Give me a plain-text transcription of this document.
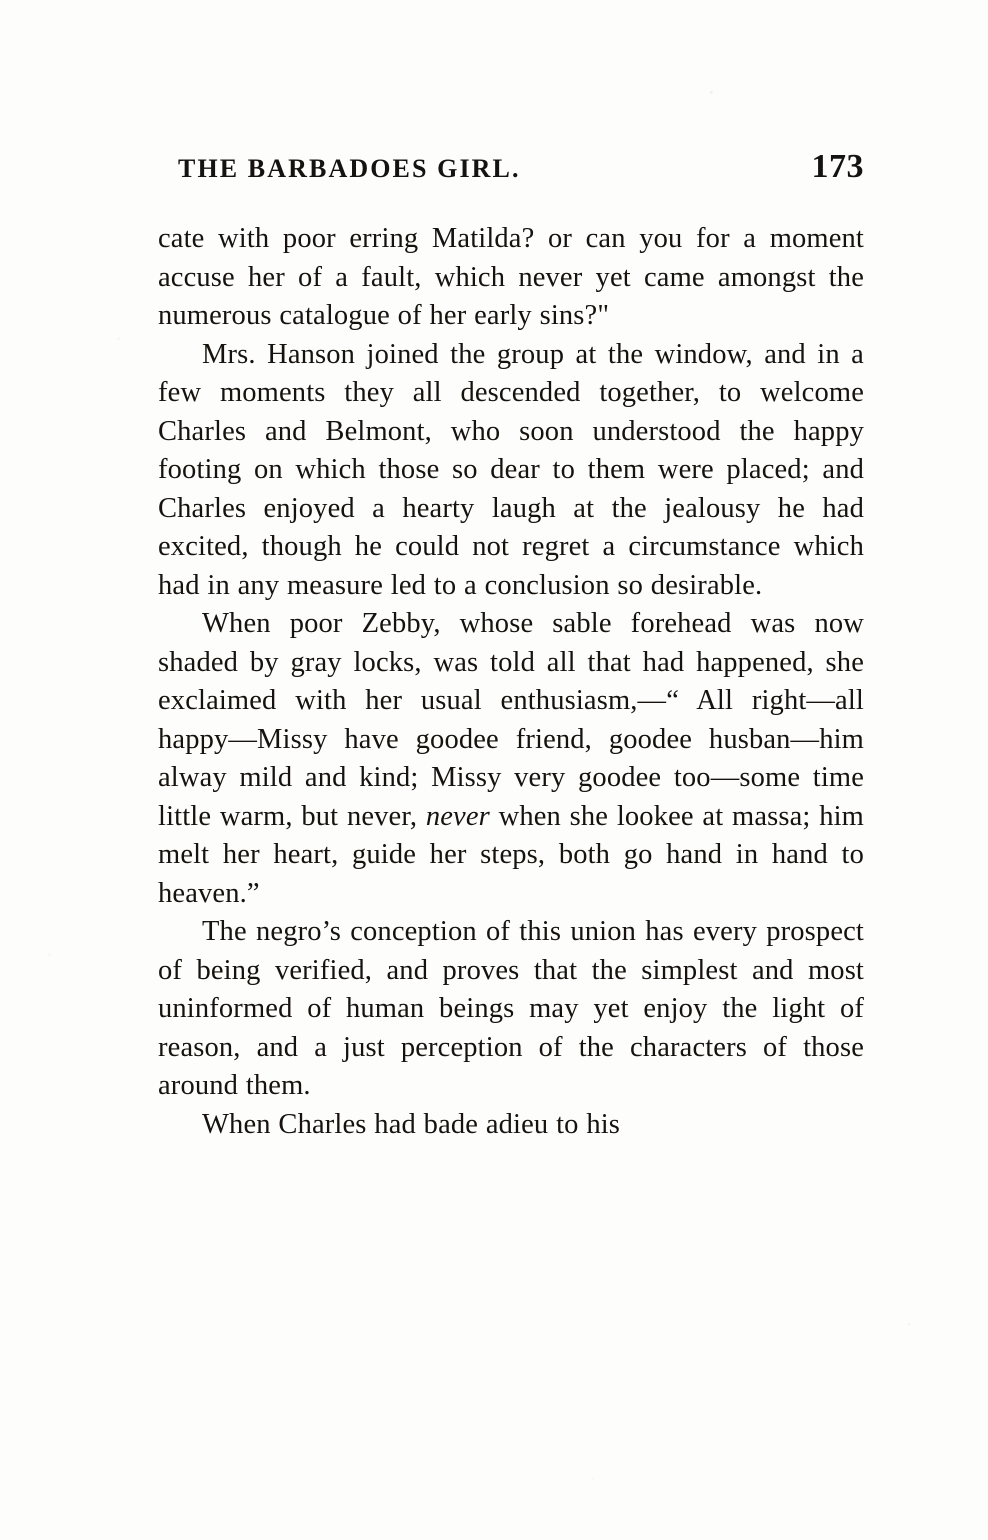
THE BARBADOES GIRL.	173

cate with poor erring Matilda? or can you for a moment accuse her of a fault, which never yet came amongst the numerous catalogue of her early sins?"

Mrs. Hanson joined the group at the window, and in a few moments they all descended together, to welcome Charles and Belmont, who soon understood the happy footing on which those so dear to them were placed; and Charles enjoyed a hearty laugh at the jealousy he had excited, though he could not regret a circumstance which had in any measure led to a conclusion so desirable.

When poor Zebby, whose sable forehead was now shaded by gray locks, was told all that had happened, she exclaimed with her usual enthusiasm,—“ All right—all happy—Missy have goodee friend, goodee husban—him alway mild and kind; Missy very goodee too—some time little warm, but never, never when she lookee at massa; him melt her heart, guide her steps, both go hand in hand to heaven.”

The negro’s conception of this union has every prospect of being verified, and proves that the simplest and most uninformed of human beings may yet enjoy the light of reason, and a just perception of the characters of those around them.

When Charles had bade adieu to his
